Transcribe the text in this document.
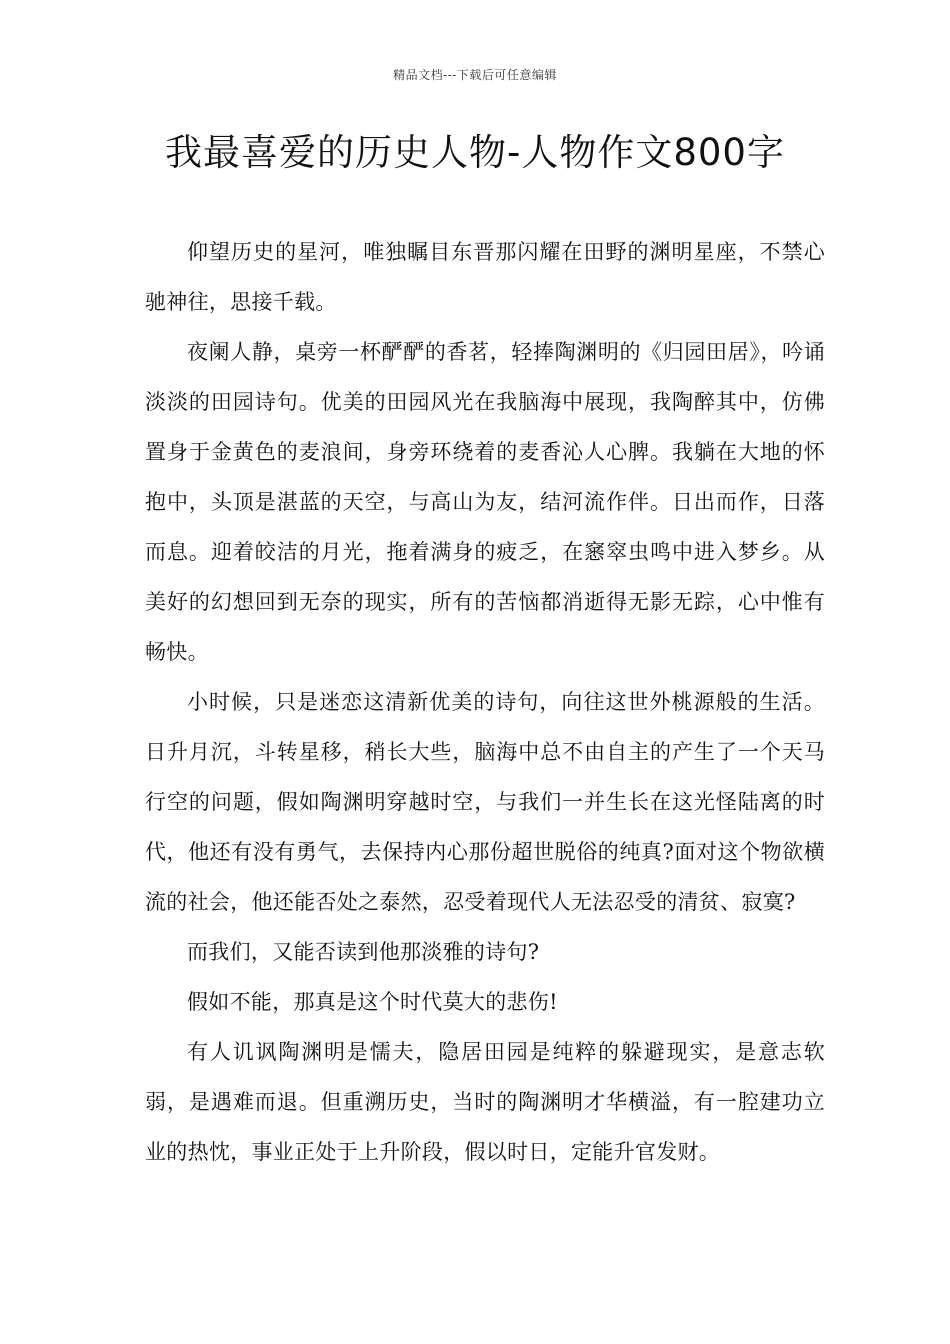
精品文档---下载后可任意编辑
我最喜爱的历史人物-人物作文800字

仰望历史的星河，唯独瞩目东晋那闪耀在田野的渊明星座，不禁心驰神往，思接千载。

夜阑人静，桌旁一杯酽酽的香茗，轻捧陶渊明的《归园田居》，吟诵淡淡的田园诗句。优美的田园风光在我脑海中展现，我陶醉其中，仿佛置身于金黄色的麦浪间，身旁环绕着的麦香沁人心脾。我躺在大地的怀抱中，头顶是湛蓝的天空，与高山为友，结河流作伴。日出而作，日落而息。迎着皎洁的月光，拖着满身的疲乏，在窸窣虫鸣中进入梦乡。从美好的幻想回到无奈的现实，所有的苦恼都消逝得无影无踪，心中惟有畅快。

小时候，只是迷恋这清新优美的诗句，向往这世外桃源般的生活。日升月沉，斗转星移，稍长大些，脑海中总不由自主的产生了一个天马行空的问题，假如陶渊明穿越时空，与我们一并生长在这光怪陆离的时代，他还有没有勇气，去保持内心那份超世脱俗的纯真?面对这个物欲横流的社会，他还能否处之泰然，忍受着现代人无法忍受的清贫、寂寞?

而我们，又能否读到他那淡雅的诗句?

假如不能，那真是这个时代莫大的悲伤!

有人讥讽陶渊明是懦夫，隐居田园是纯粹的躲避现实，是意志软弱，是遇难而退。但重溯历史，当时的陶渊明才华横溢，有一腔建功立业的热忱，事业正处于上升阶段，假以时日，定能升官发财。
